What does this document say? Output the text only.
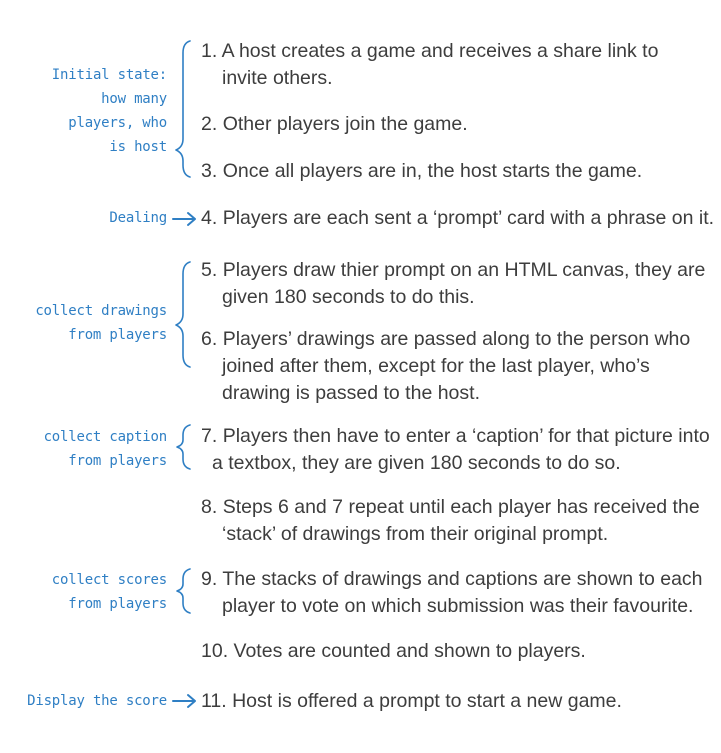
Initial state:
how many
players, who
is host
Dealing
collect drawings
from players
collect caption
from players
collect scores
from players
Display the score
1. A host creates a game and receives a share link to
invite others.
2. Other players join the game.
3. Once all players are in, the host starts the game.
4. Players are each sent a ‘prompt’ card with a phrase on it.
5. Players draw thier prompt on an HTML canvas, they are
given 180 seconds to do this.
6. Players’ drawings are passed along to the person who
joined after them, except for the last player, who’s
drawing is passed to the host.
7. Players then have to enter a ‘caption’ for that picture into
a textbox, they are given 180 seconds to do so.
8. Steps 6 and 7 repeat until each player has received the
‘stack’ of drawings from their original prompt.
9. The stacks of drawings and captions are shown to each
player to vote on which submission was their favourite.
10. Votes are counted and shown to players.
11. Host is offered a prompt to start a new game.
